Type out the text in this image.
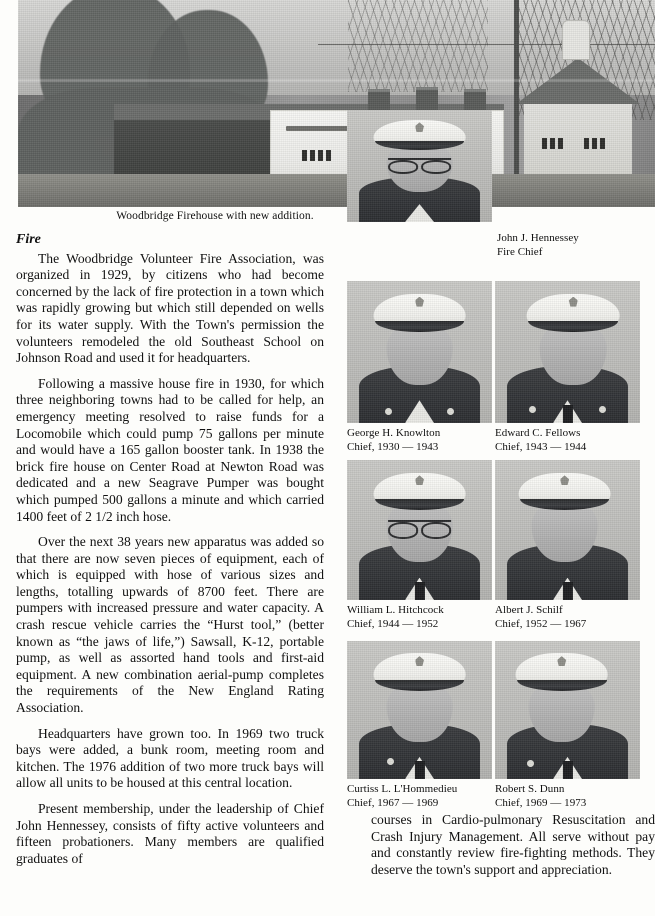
Woodbridge Firehouse with new addition.
John J. Hennessey
Fire Chief
George H. Knowlton
Chief, 1930 — 1943
Edward C. Fellows
Chief, 1943 — 1944
William L. Hitchcock
Chief, 1944 — 1952
Albert J. Schilf
Chief, 1952 — 1967
Curtiss L. L'Hommedieu
Chief, 1967 — 1969
Robert S. Dunn
Chief, 1969 — 1973
Fire

The Woodbridge Volunteer Fire Association, was organized in 1929, by citizens who had become concerned by the lack of fire protection in a town which was rapidly growing but which still depended on wells for its water supply. With the Town's permission the volunteers remodeled the old Southeast School on Johnson Road and used it for headquarters.

Following a massive house fire in 1930, for which three neighboring towns had to be called for help, an emergency meeting resolved to raise funds for a Locomobile which could pump 75 gallons per minute and would have a 165 gallon booster tank. In 1938 the brick fire house on Center Road at Newton Road was dedicated and a new Seagrave Pumper was bought which pumped 500 gallons a minute and which carried 1400 feet of 2 1/2 inch hose.

Over the next 38 years new apparatus was added so that there are now seven pieces of equipment, each of which is equipped with hose of various sizes and lengths, totalling upwards of 8700 feet. There are pumpers with increased pressure and water capacity. A crash rescue vehicle carries the “Hurst tool,” (better known as “the jaws of life,”) Sawsall, K-12, portable pump, as well as assorted hand tools and first-aid equipment. A new combination aerial-pump completes the requirements of the New England Rating Association.

Headquarters have grown too. In 1969 two truck bays were added, a bunk room, meeting room and kitchen. The 1976 addition of two more truck bays will allow all units to be housed at this central location.

Present membership, under the leadership of Chief John Hennessey, consists of fifty active volunteers and fifteen probationers. Many members are qualified graduates of

courses in Cardio-pulmonary Resuscitation and Crash Injury Management. All serve without pay and constantly review fire-fighting methods. They deserve the town's support and appreciation.
